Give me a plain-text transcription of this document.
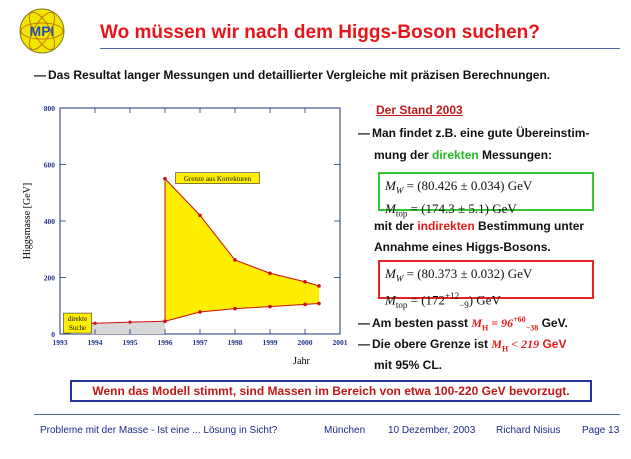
MPI Wo müssen wir nach dem Higgs-Boson suchen?
— Das Resultat langer Messungen und detaillierter Vergleiche mit präzisen Berechnungen.
Grenze aus Korrekturen
direkte
Suche
1993	1994	1995	1996	1997	1998	1999	2000	2001
0
200
400
600
800
Higgsmasse [GeV]
Jahr
Der Stand 2003
— Man findet z.B. eine gute Übereinstim-
mung der direkten Messungen:
$M_W = (80.426 \pm 0.034)$ GeV
$M_{top} = (174.3 \pm 5.1)$ GeV
mit der indirekten Bestimmung unter
Annahme eines Higgs-Bosons.
$M_W = (80.373 \pm 0.032)$ GeV
$M_{top} = (172^{+12}_{-9})$ GeV
— Am besten passt $M_H = 96^{+60}_{-38}$ GeV.
— Die obere Grenze ist $M_H < 219$ GeV
mit 95% CL.
Wenn das Modell stimmt, sind Massen im Bereich von etwa 100-220 GeV bevorzugt.
Probleme mit der Masse - Ist eine ... Lösung in Sicht?	München 10 Dezember, 2003 Richard Nisius Page 13
